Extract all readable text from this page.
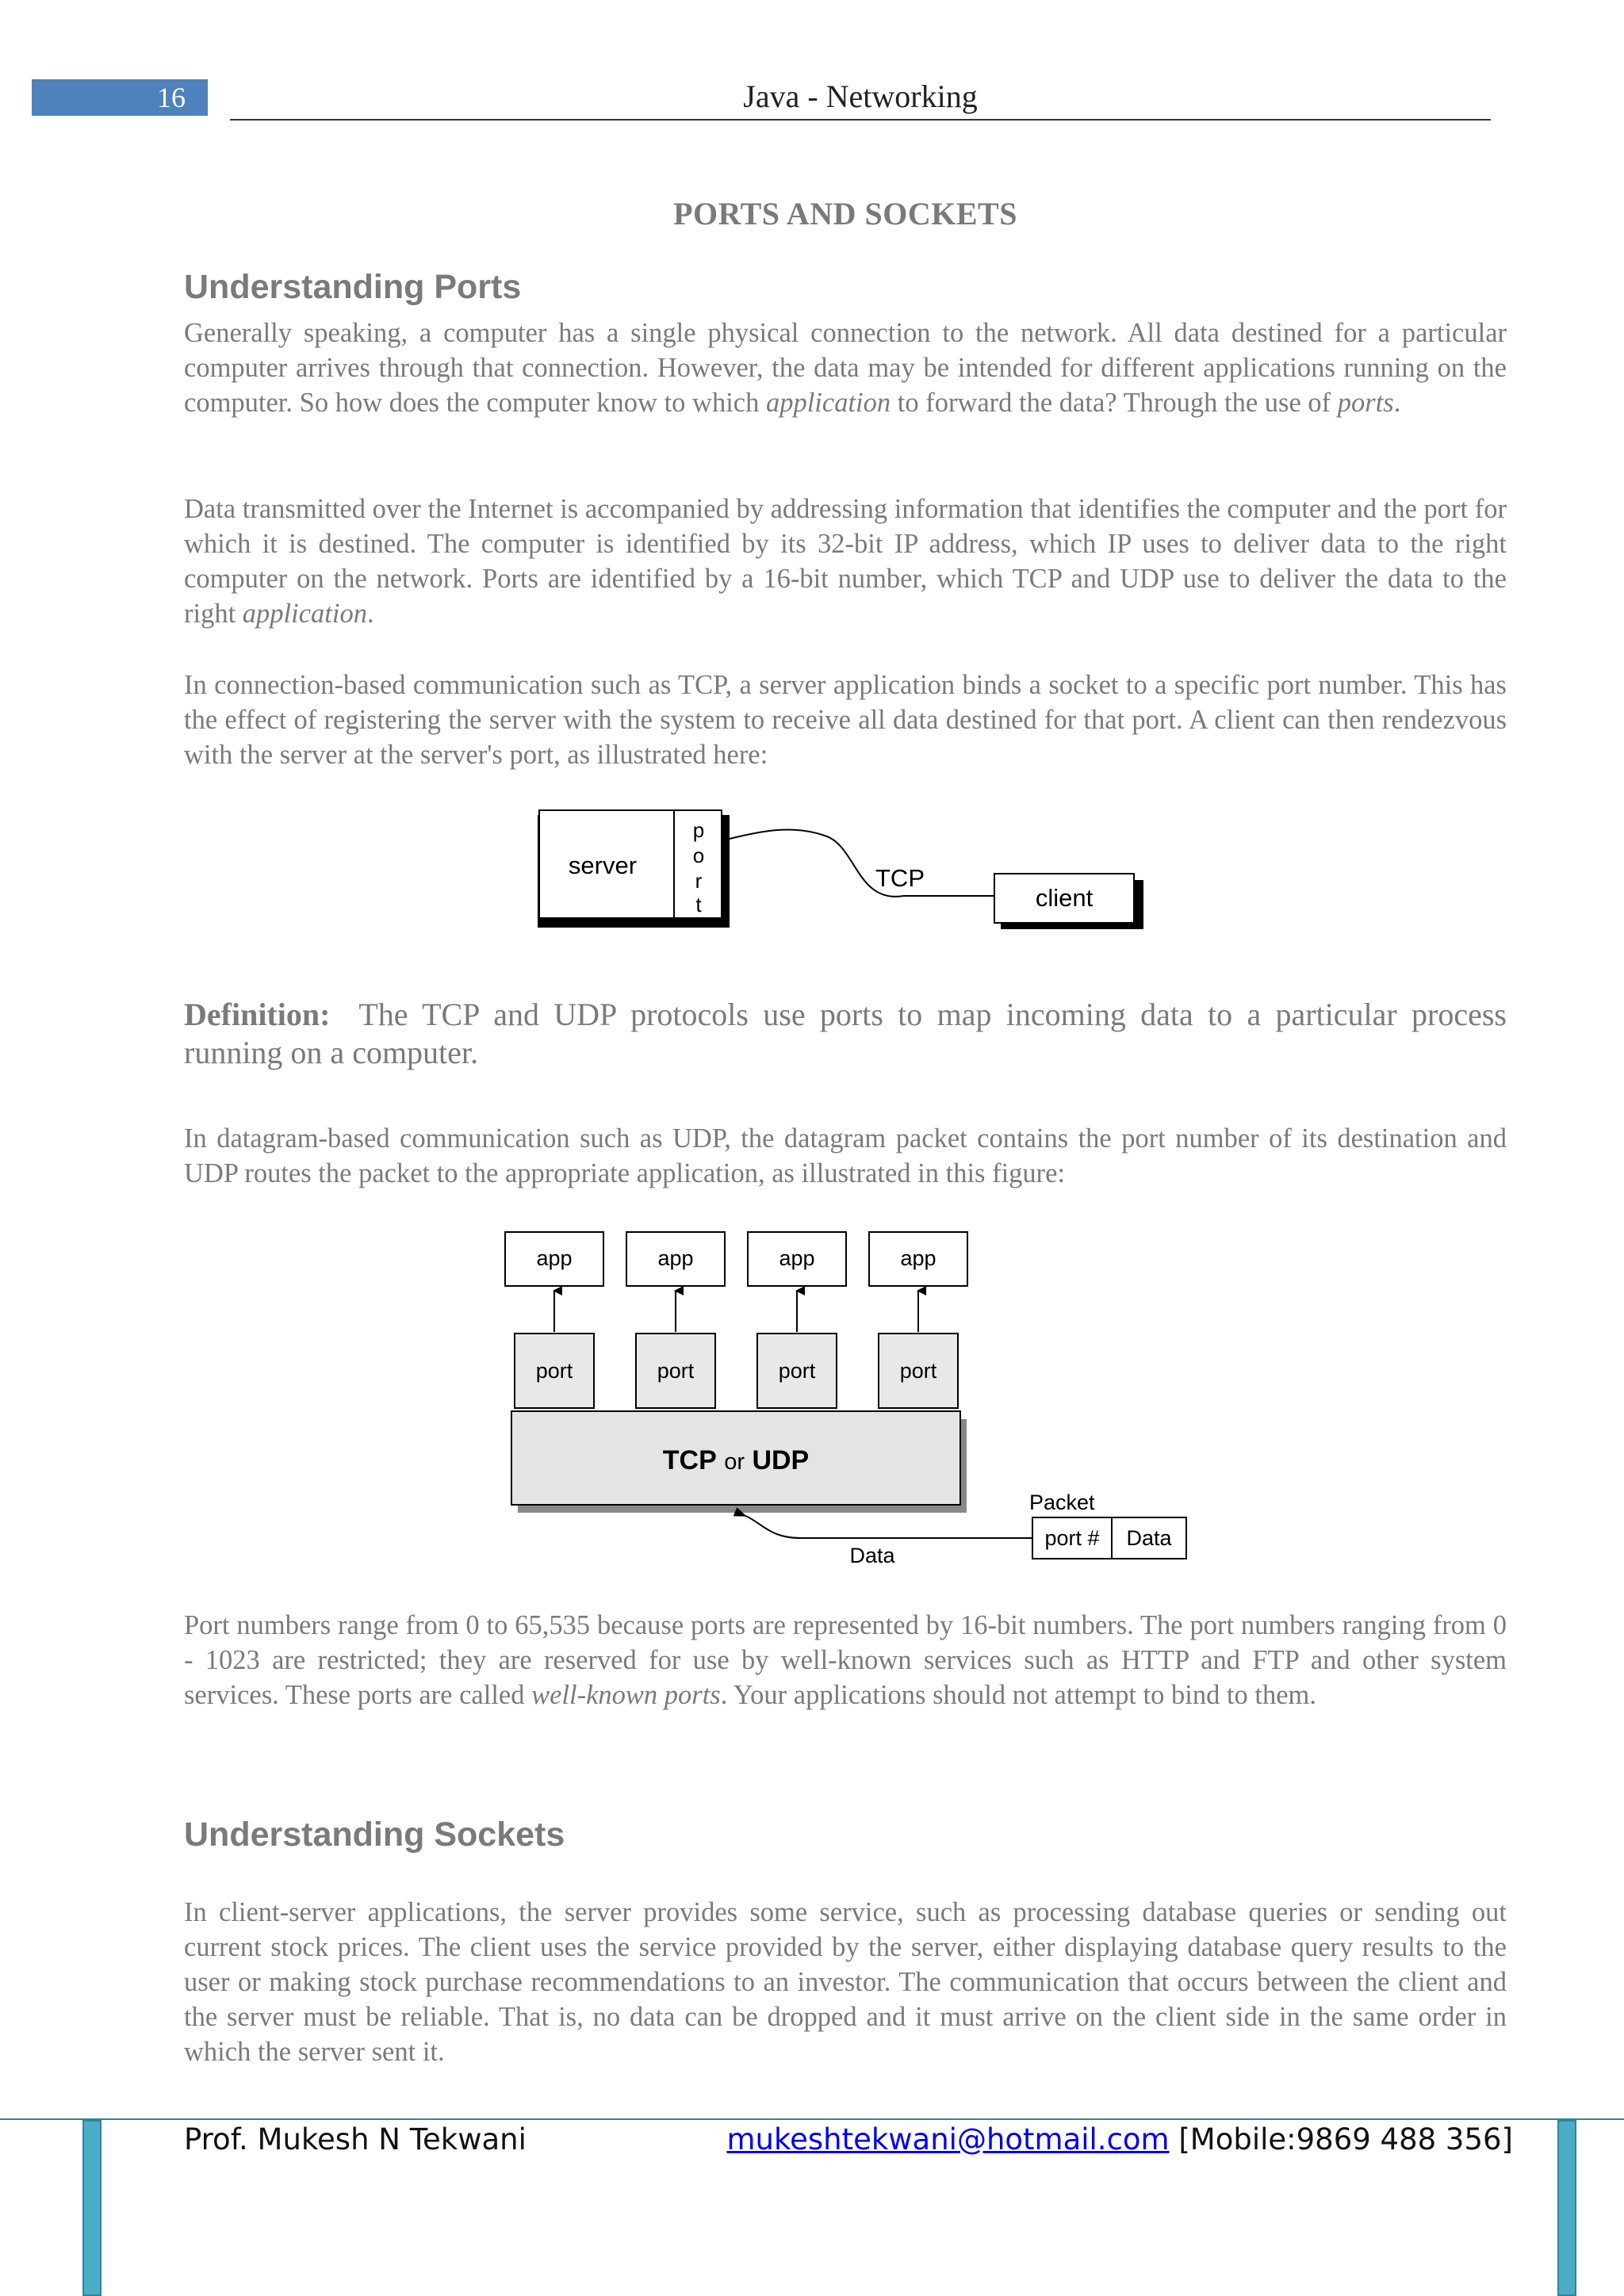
16	Java - Networking
PORTS AND SOCKETS
Understanding Ports
Generally speaking, a computer has a single physical connection to the network. All data destined for a particular computer arrives through that connection. However, the data may be intended for different applications running on the computer. So how does the computer know to which application to forward the data? Through the use of ports.
Data transmitted over the Internet is accompanied by addressing information that identifies the computer and the port for which it is destined. The computer is identified by its 32-bit IP address, which IP uses to deliver data to the right computer on the network. Ports are identified by a 16-bit number, which TCP and UDP use to deliver the data to the right application.
In connection-based communication such as TCP, a server application binds a socket to a specific port number. This has the effect of registering the server with the system to receive all data destined for that port. A client can then rendezvous with the server at the server's port, as illustrated here:
server
p
o
r
t
TCP
client
Definition: The TCP and UDP protocols use ports to map incoming data to a particular process running on a computer.
In datagram-based communication such as UDP, the datagram packet contains the port number of its destination and UDP routes the packet to the appropriate application, as illustrated in this figure:
app	app	app	app
port	port	port	port
TCP or UDP
Packet
port # Data
Data
Port numbers range from 0 to 65,535 because ports are represented by 16-bit numbers. The port numbers ranging from 0 - 1023 are restricted; they are reserved for use by well-known services such as HTTP and FTP and other system services. These ports are called well-known ports. Your applications should not attempt to bind to them.
Understanding Sockets
In client-server applications, the server provides some service, such as processing database queries or sending out current stock prices. The client uses the service provided by the server, either displaying database query results to the user or making stock purchase recommendations to an investor. The communication that occurs between the client and the server must be reliable. That is, no data can be dropped and it must arrive on the client side in the same order in which the server sent it.
Prof. Mukesh N Tekwani	mukeshtekwani@hotmail.com [Mobile:9869 488 356]
